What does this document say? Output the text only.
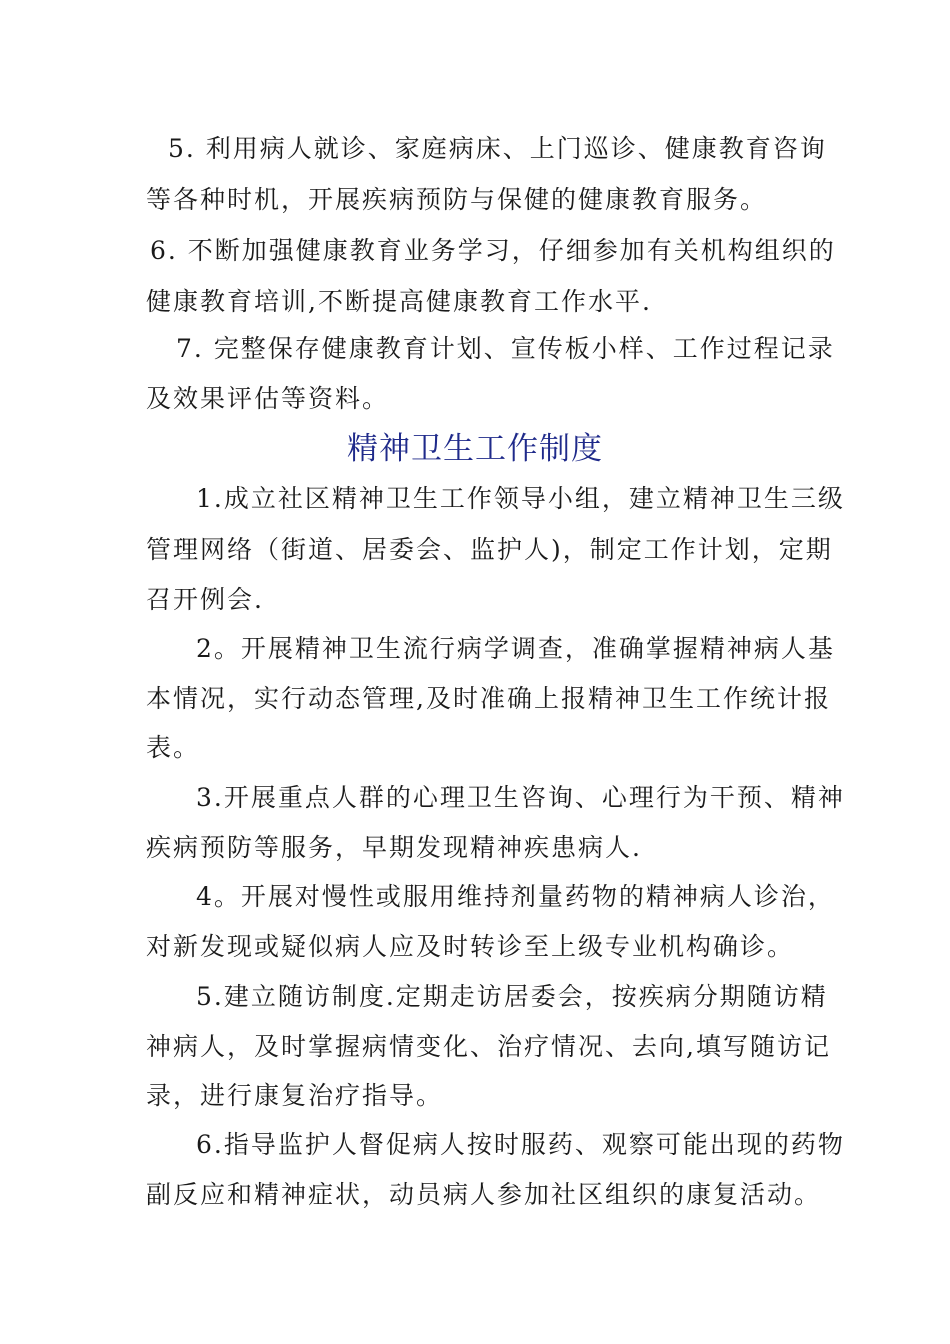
5. 利用病人就诊、家庭病床、上门巡诊、健康教育咨询
等各种时机，开展疾病预防与保健的健康教育服务。
6. 不断加强健康教育业务学习，仔细参加有关机构组织的
健康教育培训,不断提高健康教育工作水平.
7. 完整保存健康教育计划、宣传板小样、工作过程记录
及效果评估等资料。
精神卫生工作制度
1.成立社区精神卫生工作领导小组，建立精神卫生三级
管理网络（街道、居委会、监护人)，制定工作计划，定期
召开例会.
2。开展精神卫生流行病学调查，准确掌握精神病人基
本情况，实行动态管理,及时准确上报精神卫生工作统计报
表。
3.开展重点人群的心理卫生咨询、心理行为干预、精神
疾病预防等服务，早期发现精神疾患病人.
4。开展对慢性或服用维持剂量药物的精神病人诊治，
对新发现或疑似病人应及时转诊至上级专业机构确诊。
5.建立随访制度.定期走访居委会，按疾病分期随访精
神病人，及时掌握病情变化、治疗情况、去向,填写随访记
录，进行康复治疗指导。
6.指导监护人督促病人按时服药、观察可能出现的药物
副反应和精神症状，动员病人参加社区组织的康复活动。
